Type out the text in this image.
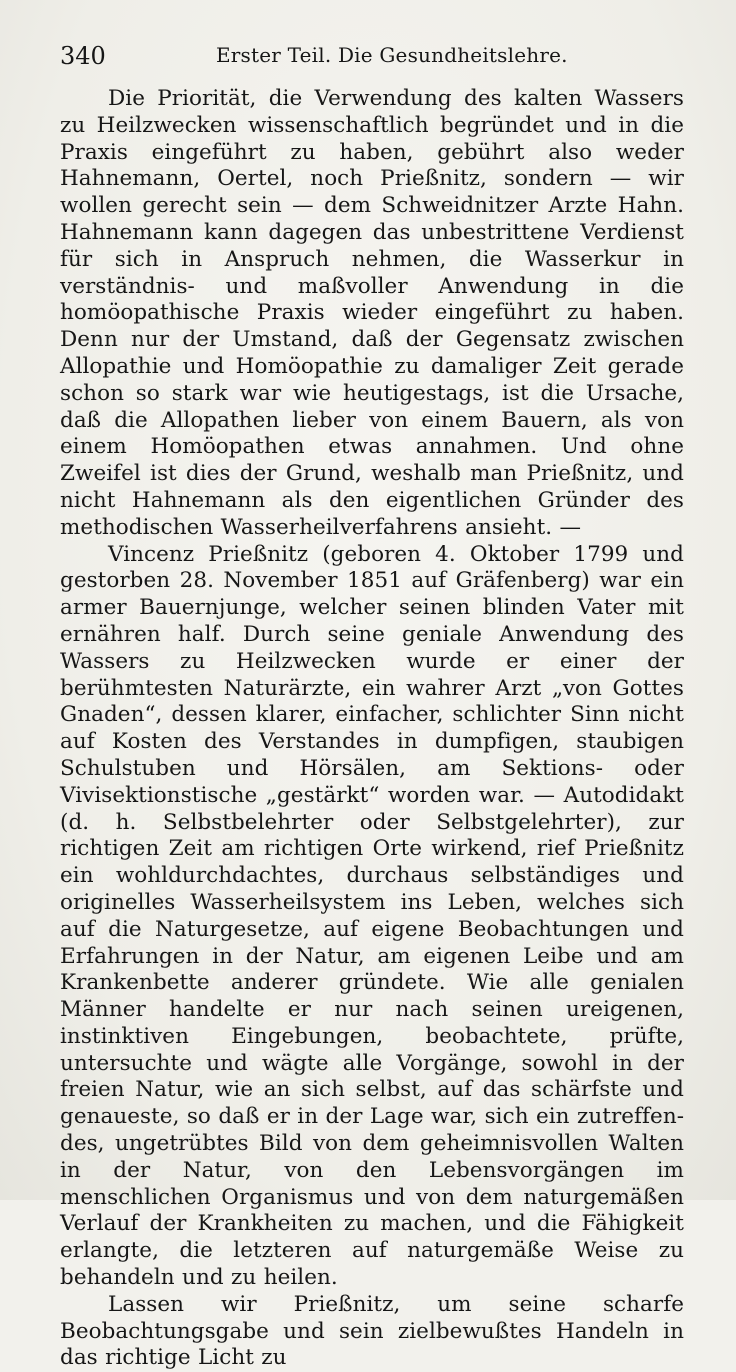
340	Erster Teil. Die Gesundheitslehre.

Die Priorität, die Verwendung des kalten Wassers zu Heilzwecken wissenschaftlich begründet und in die Praxis eingeführt zu haben, gebührt also weder Hahnemann, Oertel, noch Prießnitz, sondern — wir wollen gerecht sein — dem Schweidnitzer Arzte Hahn. Hahnemann kann dagegen das unbestrittene Verdienst für sich in Anspruch nehmen, die Wasserkur in verständnis- und maßvoller Anwendung in die homöopathische Praxis wieder eingeführt zu haben. Denn nur der Umstand, daß der Gegensatz zwischen Allopathie und Homöopathie zu damaliger Zeit gerade schon so stark war wie heutigestags, ist die Ursache, daß die Allopathen lieber von einem Bauern, als von einem Homöopathen etwas annahmen. Und ohne Zweifel ist dies der Grund, weshalb man Prießnitz, und nicht Hahnemann als den eigentlichen Gründer des methodischen Wasserheilverfahrens ansieht. —

Vincenz Prießnitz (geboren 4. Oktober 1799 und gestorben 28. November 1851 auf Gräfenberg) war ein armer Bauernjunge, welcher seinen blinden Vater mit ernähren half. Durch seine geniale Anwendung des Wassers zu Heilzwecken wurde er einer der berühmtesten Naturärzte, ein wahrer Arzt „von Gottes Gnaden“, dessen klarer, einfacher, schlichter Sinn nicht auf Kosten des Verstandes in dumpfigen, staubigen Schulstuben und Hörsälen, am Sektions- oder Vivisektionstische „gestärkt“ worden war. — Autodidakt (d. h. Selbstbelehrter oder Selbstgelehrter), zur richtigen Zeit am richtigen Orte wirkend, rief Prießnitz ein wohldurchdachtes, durchaus selbständiges und originelles Wasserheilsystem ins Leben, welches sich auf die Naturgesetze, auf eigene Beobachtungen und Erfahrungen in der Natur, am eigenen Leibe und am Krankenbette anderer gründete. Wie alle genialen Männer handelte er nur nach seinen ureigenen, instinktiven Eingebungen, beobachtete, prüfte, untersuchte und wägte alle Vorgänge, sowohl in der freien Natur, wie an sich selbst, auf das schärfste und genaueste, so daß er in der Lage war, sich ein zutreffendes, ungetrübtes Bild von dem geheimnisvollen Walten in der Natur, von den Lebensvorgängen im menschlichen Organismus und von dem naturgemäßen Verlauf der Krankheiten zu machen, und die Fähigkeit erlangte, die letzteren auf naturgemäße Weise zu behandeln und zu heilen.

Lassen wir Prießnitz, um seine scharfe Beobachtungsgabe und sein zielbewußtes Handeln in das richtige Licht zu
